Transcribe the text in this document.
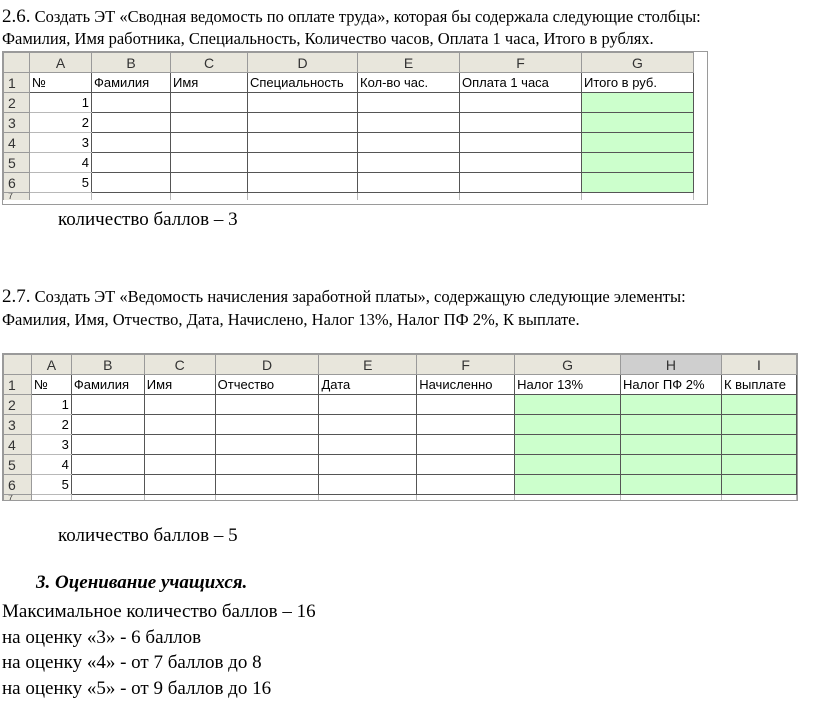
2.6. Создать ЭТ «Сводная ведомость по оплате труда», которая бы содержала следующие столбцы:
Фамилия, Имя работника, Специальность, Количество часов, Оплата 1 часа, Итого в рублях.
	A	B	C	D	E	F	G
1	№	Фамилия	Имя	Специальность	Кол-во час.	Оплата 1 часа	Итого в руб.
2	1						
3	2						
4	3						
5	4						
6	5						
7							
количество баллов – 3
2.7. Создать ЭТ «Ведомость начисления заработной платы», содержащую следующие элементы:
Фамилия, Имя, Отчество, Дата, Начислено, Налог 13%, Налог ПФ 2%, К выплате.
	A	B	C	D	E	F	G	H	I
1	№	Фамилия	Имя	Отчество	Дата	Начисленно	Налог 13%	Налог ПФ 2%	К выплате
2	1								
3	2								
4	3								
5	4								
6	5								
7									
количество баллов – 5
3. Оценивание учащихся.
Максимальное количество баллов – 16
на оценку «3» - 6 баллов
на оценку «4» - от 7 баллов до 8
на оценку «5» - от 9 баллов до 16
